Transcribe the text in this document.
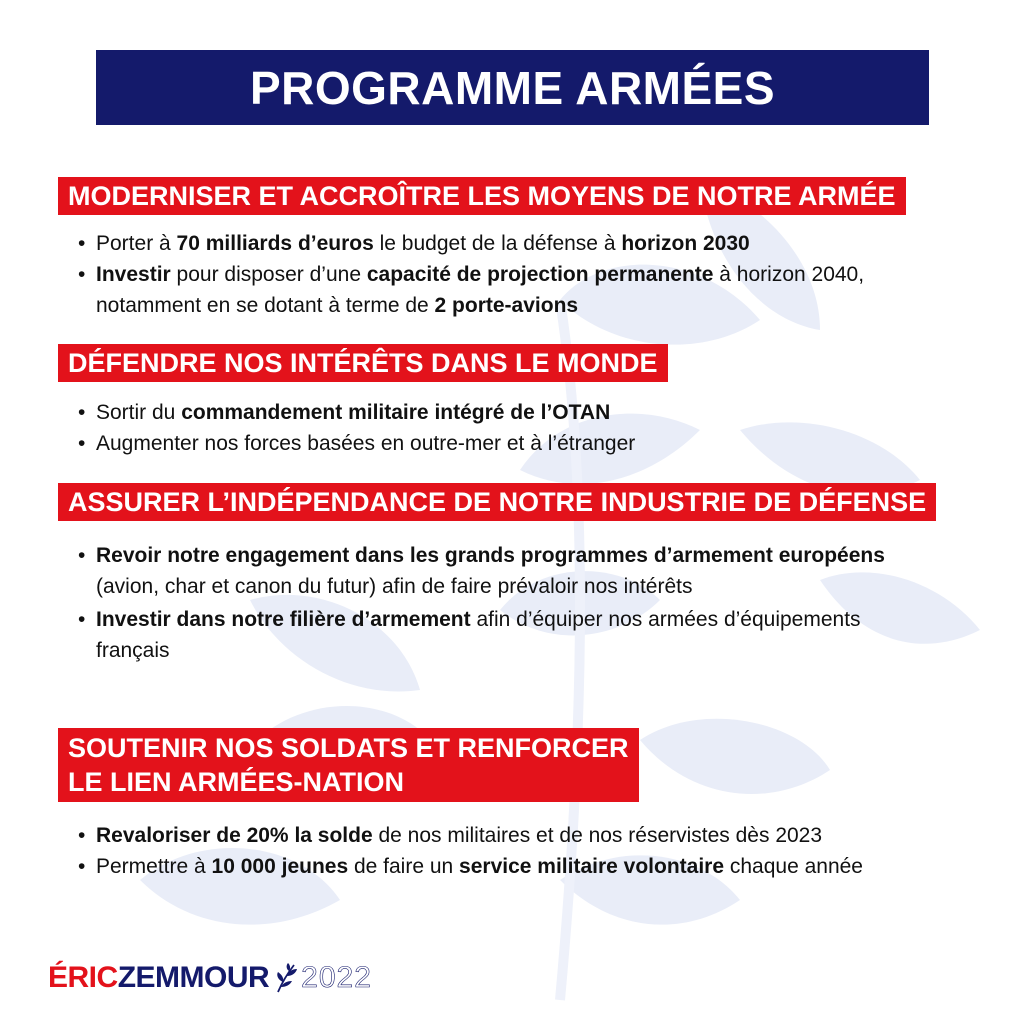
PROGRAMME ARMÉES
MODERNISER ET ACCROÎTRE LES MOYENS DE NOTRE ARMÉE
• Porter à 70 milliards d’euros le budget de la défense à horizon 2030
• Investir pour disposer d’une capacité de projection permanente à horizon 2040, notamment en se dotant à terme de 2 porte-avions
DÉFENDRE NOS INTÉRÊTS DANS LE MONDE
• Sortir du commandement militaire intégré de l’OTAN
• Augmenter nos forces basées en outre-mer et à l’étranger
ASSURER L’INDÉPENDANCE DE NOTRE INDUSTRIE DE DÉFENSE
• Revoir notre engagement dans les grands programmes d’armement européens (avion, char et canon du futur) afin de faire prévaloir nos intérêts
• Investir dans notre filière d’armement afin d’équiper nos armées d’équipements français
SOUTENIR NOS SOLDATS ET RENFORCER
LE LIEN ARMÉES-NATION
• Revaloriser de 20% la solde de nos militaires et de nos réservistes dès 2023
• Permettre à 10 000 jeunes de faire un service militaire volontaire chaque année
ÉRIC ZEMMOUR 2022
